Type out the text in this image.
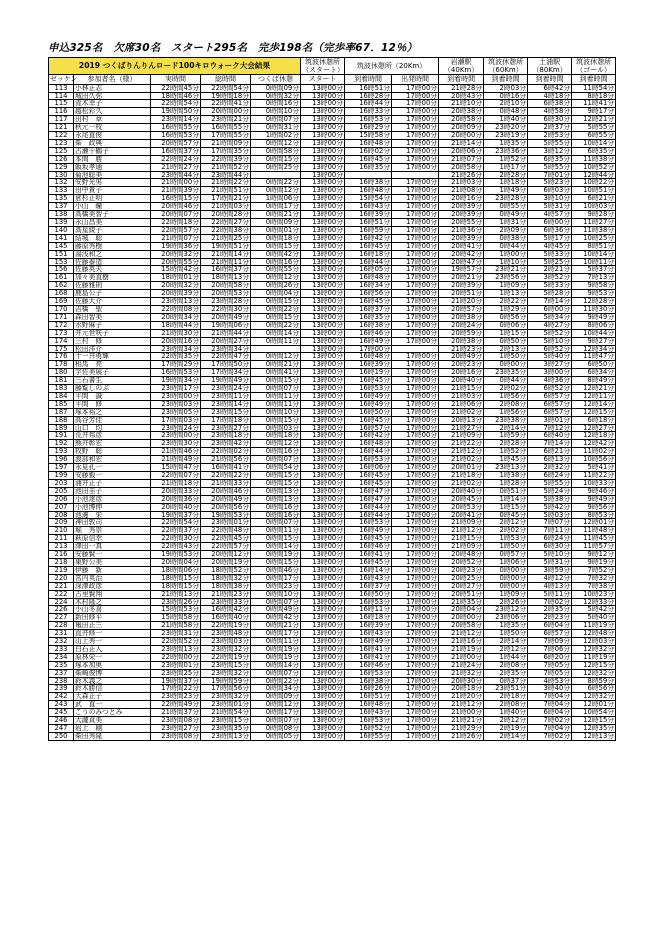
申込325名　欠席30名　スタート295名　完歩198名（完歩率67．12％）
2019 つくばりんりんロード100キロウォーク大会結果					筑波休憩所
（スタート）	筑波休憩所（20Km）		岩瀬駅
（40Km）	筑波休憩所
（60Km）	土浦駅
（80Km）	筑波休憩所
（ゴール）

ゼッケン	参加者名（様）	実時間	総時間	つくば休憩	スタート	到着時間	出発時間	到着時間	到着時間	到着時間	到着時間
113	小林正志	22時間45分	22時間54分	0時間09分	13時00分	16時51分	17時00分	21時28分	2時03分	6時42分	11時54分
114	城田久弥	18時間46分	19時間18分	0時間32分	13時00分	16時28分	17時00分	20時43分	0時16分	4時18分	8時18分
115	青木幸子	22時間54分	22時間41分	0時間16分	13時00分	16時44分	17時00分	21時10分	2時10分	6時38分	11時41分
116	越松彩久	19時間50分	20時間00分	0時間10分	13時00分	16時33分	17時00分	20時38分	0時48分	4時58分	9時17分
117	田村　章	23時間14分	23時間21分	0時間07分	13時00分	16時53分	17時00分	20時58分	1時40分	6時30分	12時21分
121	秋元一枝	16時間55分	16時間55分	0時間31分	13時00分	16時29分	17時00分	20時09分	23時20分	2時37分	5時55分
122	永尾直俊	16時間53分	17時間55分	1時間02分	13時00分	15時58分	17時00分	20時00分	23時19分	2時53分	6時55分
123	柴　政典	20時間57分	21時間09分	0時間12分	13時00分	16時48分	17時00分	21時14分	1時35分	5時55分	10時14分
125	古瀬千鶴子	16時間37分	17時間35分	0時間58分	13時00分	16時02分	17時00分	20時06分	23時36分	3時12分	6時35分
126	本間　勝	22時間24分	22時間39分	0時間15分	13時00分	16時45分	17時00分	21時07分	1時52分	6時35分	11時38分
129	飯坂孝通	21時間27分	21時間52分	0時間25分	13時00分	16時35分	17時00分	20時58分	1時17分	5時55分	10時52分
130	菊池聡美	23時間44分	23時間44分		13時00分			21時26分	2時28分	7時01分	12時44分
132	安野光男	21時間00分	21時間22分	0時間22分	13時00分	16時38分	17時00分	21時03分	1時18分	5時23分	10時22分
133	田中貴子	21時間39分	21時間51分	0時間12分	13時00分	16時48分	17時00分	21時08分	1時49分	6時03分	10時51分
135	倉杉正明	16時間15分	17時間21分	1時間06分	13時00分	15時54分	17時00分	20時16分	23時28分	3時10分	6時21分
137	小山　瞳	20時間46分	21時間03分	0時間17分	13時00分	16時43分	17時00分	20時39分	0時55分	5時31分	10時03分
138	高橋美智子	20時間07分	20時間28分	0時間21分	13時00分	16時39分	17時00分	20時39分	0時49分	4時57分	9時28分
139	永山昌美	22時間18分	22時間27分	0時間09分	13時00分	16時51分	17時00分	20時55分	1時31分	6時00分	11時27分
140	高星綾子	22時間57分	22時間38分	0時間01分	13時00分	16時59分	17時00分	21時36分	2時09分	6時36分	11時38分
141	結城　聡	21時間07分	21時間25分	0時間18分	13時00分	16時42分	17時00分	20時39分	0時38分	5時17分	10時25分
145	藤原秀樹	19時間36分	19時間51分	0時間15分	13時00分	16時45分	17時00分	20時41分	0時44分	4時45分	8時51分
151	湯浅和之	20時間32分	21時間14分	0時間42分	13時00分	16時18分	17時00分	20時42分	1時00分	5時33分	10時14分
153	佐藤泰造	20時間55分	21時間11分	0時間16分	13時00分	16時44分	17時00分	20時47分	1時10分	5時25分	10時11分
156	佐藤英夫	15時間42分	16時間37分	0時間55分	13時00分	16時05分	17時00分	19時57分	23時21分	2時21分	5時37分
161	加々美直樹	18時間01分	18時間13分	0時間12分	13時00分	16時48分	17時00分	20時21分	23時56分	3時52分	7時13分
162	佐藤雅則	20時間32分	20時間58分	0時間26分	13時00分	16時34分	17時00分	20時39分	1時09分	5時33分	9時58分
168	鹿島公子	20時間39分	20時間53分	0時間04分	13時00分	16時56分	17時00分	20時51分	1時13分	5時28分	9時53分
169	佐藤大介	23時間13分	23時間28分	0時間15分	13時00分	16時45分	17時00分	21時20分	2時22分	7時14分	12時28分
170	吉橋　聖	22時間08分	22時間30分	0時間22分	13時00分	16時37分	17時00分	20時57分	1時29分	6時00分	11時30分
171	森田智美	20時間34分	20時間49分	0時間15分	13時00分	16時35分	17時00分	20時38分	0時56分	5時34分	9時49分
172	水野麻子	18時間44分	19時間06分	0時間22分	13時00分	16時38分	17時00分	20時24分	0時06分	4時27分	8時06分
173	井元世咲子	21時間30分	21時間44分	0時間14分	13時00分	16時46分	17時00分	20時59分	1時15分	5時52分	10時44分
174	三村　修	20時間16分	20時間27分	0時間11分	13時00分	16時49分	17時00分	20時38分	0時50分	5時10分	9時27分
175	松田洋介	23時間34分	23時間34分		13時00分	17時00分		21時23分	2時13分	6時52分	12時34分
176	十一井勇輝	22時間35分	22時間47分	0時間12分	13時00分	16時48分	17時00分	20時49分	1時50分	5時40分	11時47分
178	相馬　亮	17時間29分	17時間50分	0時間21分	13時00分	16時39分	17時00分	20時23分	0時00分	3時27分	6時50分
180	宇佐美展子	16時間53分	17時間34分	0時間41分	13時00分	16時19分	17時00分	20時16分	23時35分	3時00分	6時34分
181	三石書生	19時間34分	19時間49分	0時間15分	13時00分	16時45分	17時00分	20時40分	0時44分	4時36分	8時49分
183	藤覧しのぶ	23時間17分	23時間24分	0時間07分	13時00分	16時53分	17時00分	21時15分	2時02分	6時52分	12時21分
184	平間　誠	23時間00分	23時間11分	0時間11分	13時00分	16時49分	17時00分	21時03分	1時56分	6時57分	12時11分
185	平間　修	23時間03分	23時間14分	0時間11分	13時00分	16時49分	17時00分	21時06分	2時08分	6時57分	12時14分
187	塚本裕之	23時間05分	23時間15分	0時間10分	13時00分	16時50分	17時00分	21時02分	1時56分	6時57分	12時15分
188	高谷芳佳	17時間03分	17時間18分	0時間15分	13時00分	16時45分	17時00分	20時13分	23時38分	3時01分	6時18分
189	山口　均	23時間24分	23時間27分	0時間03分	13時00分	16時57分	17時00分	21時27分	2時14分	7時12分	12時27分
191	荒井邦彦	23時間00分	23時間18分	0時間18分	13時00分	16時42分	17時00分	21時09分	1時59分	6時40分	12時18分
192	熊井彰宏	23時間30分	23時間42分	0時間12分	13時00分	16時48分	17時00分	21時22分	2時28分	7時14分	12時42分
193	牧野　聡	21時間46分	22時間02分	0時間16分	13時00分	16時44分	17時00分	21時12分	1時52分	6時21分	11時02分
196	渡部和宏	21時間49分	21時間56分	0時間07分	13時00分	16時53分	17時00分	21時02分	1時45分	6時13分	10時56分
197	永見孔一	15時間47分	16時間41分	0時間54分	13時00分	16時06分	17時00分	20時01分	23時13分	2時32分	5時41分
199	安藤毅一	22時間07分	22時間22分	0時間15分	13時00分	16時45分	17時00分	21時18分	1時38分	6時24分	11時22分
203	浦井正子	21時間18分	21時間33分	0時間15分	13時00分	16時45分	17時00分	21時02分	1時28分	5時55分	10時33分
205	池田圭子	20時間33分	20時間46分	0時間13分	13時00分	16時47分	17時00分	20時40分	0時51分	5時24分	9時46分
206	小池達彦	20時間36分	20時間49分	0時間13分	13時00分	16時47分	17時00分	20時45分	1時14分	5時38分	9時49分
207	小池博伸	20時間40分	20時間56分	0時間16分	13時00分	16時44分	17時00分	20時53分	1時15分	5時42分	9時56分
208	池邊　栄	19時間37分	19時間53分	0時間16分	13時00分	16時44分	17時00分	20時41分	0時45分	5時03分	8時53分
209	神田敦司	22時間54分	23時間01分	0時間07分	13時00分	16時53分	17時00分	21時09分	2時12分	7時07分	12時01分
210	堀　秀崇	22時間37分	22時間48分	0時間11分	13時00分	16時49分	17時00分	21時12分	2時02分	7時11分	11時48分
211	萩原信幸	22時間30分	22時間45分	0時間15分	13時00分	16時45分	17時00分	21時15分	1時53分	6時24分	11時45分
213	澤田一真	22時間43分	22時間57分	0時間14分	13時00分	16時46分	17時00分	21時09分	1時50分	6時30分	11時57分
216	安藤賢一	19時間53分	20時間12分	0時間19分	13時00分	16時41分	17時00分	20時48分	0時57分	5時10分	9時12分
218	東野公美	20時間04分	20時間19分	0時間15分	13時00分	16時45分	17時00分	20時52分	1時06分	5時31分	9時19分
219	伊藤　新	18時間06分	18時間52分	0時間46分	13時00分	16時14分	17時00分	20時23分	0時00分	3時59分	7時52分
220	宮内英治	18時間15分	18時間32分	0時間17分	13時00分	16時43分	17時00分	20時25分	0時00分	4時12分	7時32分
221	深澤政彦	18時間15分	18時間38分	0時間23分	13時00分	16時37分	17時00分	20時27分	0時00分	4時13分	7時38分
222	古里賢翔	21時間13分	21時間23分	0時間10分	13時00分	16時50分	17時00分	20時51分	1時09分	5時11分	10時23分
224	木村隆之	23時間26分	23時間33分	0時間07分	13時00分	16時53分	17時00分	21時35分	2時26分	7時02分	12時33分
226	小山冬喜	15時間53分	16時間42分	0時間49分	13時00分	16時11分	17時00分	20時04分	23時12分	2時35分	5時42分
227	新田修平	15時間58分	16時間40分	0時間42分	13時00分	16時18分	17時00分	20時00分	23時06分	2時23分	5時40分
228	亀田正三	21時間58分	22時間19分	0時間21分	13時00分	16時39分	17時00分	20時58分	1時35分	6時04分	11時19分
231	直井修一	23時間31分	23時間48分	0時間17分	13時00分	16時43分	17時00分	21時12分	1時50分	6時57分	12時48分
232	山上秀一	22時間52分	23時間03分	0時間11分	13時00分	16時49分	17時00分	21時16分	2時14分	7時09分	12時03分
233	白石正人	23時間13分	23時間32分	0時間19分	13時00分	16時41分	17時00分	21時19分	2時12分	7時06分	12時32分
234	原林栄一	22時間00分	22時間19分	0時間19分	13時00分	16時41分	17時00分	21時00分	1時44分	6時20分	11時19分
235	塚本加奥	23時間01分	23時間15分	0時間14分	13時00分	16時46分	17時00分	21時24分	2時08分	7時05分	12時15分
237	柴崎俊博	23時間25分	23時間32分	0時間07分	13時00分	16時53分	17時00分	21時32分	2時35分	7時05分	12時32分
238	鈴木義之	19時間37分	19時間59分	0時間22分	13時00分	16時38分	17時00分	20時30分	0時37分	4時53分	8時59分
239	鈴木勝信	17時間22分	17時間56分	0時間34分	13時00分	16時26分	17時00分	20時18分	23時51分	3時40分	6時56分
242	大森正子	23時間23分	23時間32分	0時間09分	13時00分	16時51分	17時00分	21時20分	2時18分	7時04分	12時32分
243	武　直一	22時間49分	23時間01分	0時間12分	13時00分	16時48分	17時00分	21時12分	2時08分	7時04分	12時01分
245	こうのみつとみ	21時間37分	21時間54分	0時間17分	13時00分	16時43分	17時00分	21時00分	1時40分	6時04分	10時54分
246	大瀧貞美	23時間08分	23時間15分	0時間07分	13時00分	16時53分	17時00分	21時21分	2時12分	7時02分	12時15分
247	岩上　剛	23時間27分	23時間35分	0時間08分	13時00分	16時52分	17時00分	21時29分	2時19分	7時04分	12時35分
250	柴田秀隆	23時間08分	23時間13分	0時間05分	13時00分	16時55分	17時00分	21時26分	2時14分	7時02分	12時13分
